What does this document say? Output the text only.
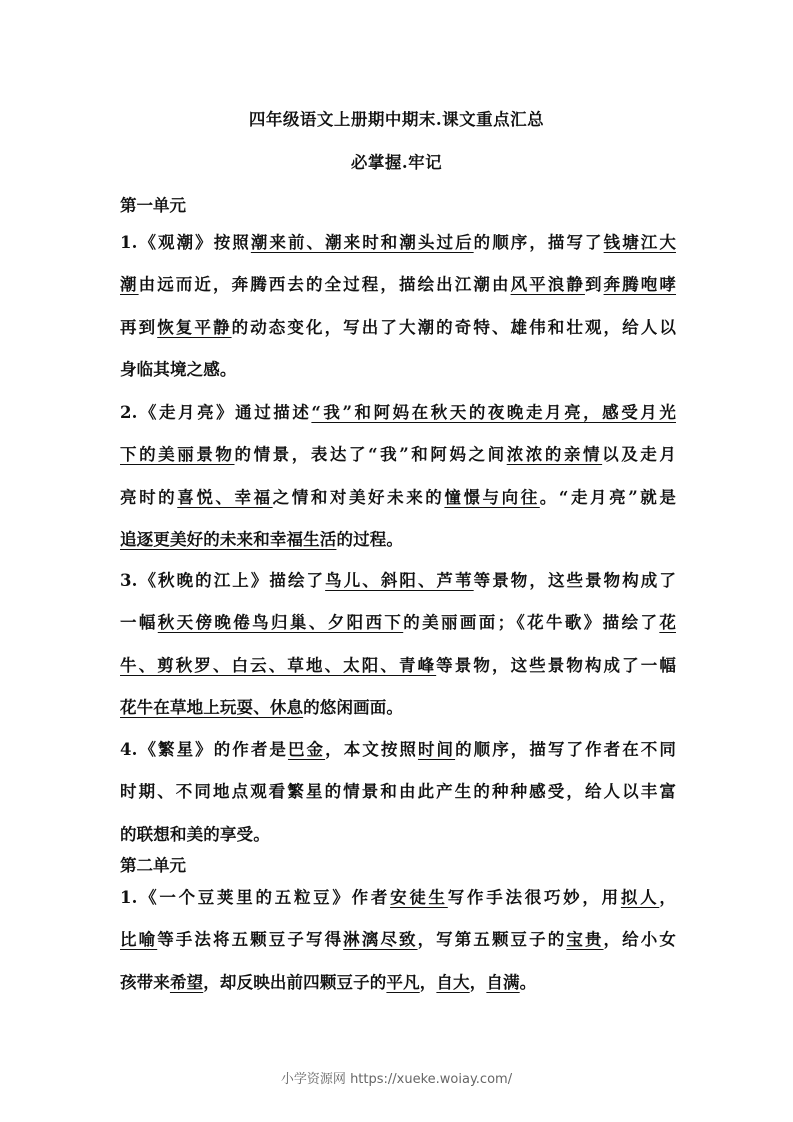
四年级语文上册期中期末.课文重点汇总
必掌握.牢记
第一单元
1.《观潮》按照潮来前、潮来时和潮头过后的顺序，描写了钱塘江大
潮由远而近，奔腾西去的全过程，描绘出江潮由风平浪静到奔腾咆哮
再到恢复平静的动态变化，写出了大潮的奇特、雄伟和壮观，给人以
身临其境之感。
2.《走月亮》通过描述“我”和阿妈在秋天的夜晚走月亮，感受月光
下的美丽景物的情景，表达了“我”和阿妈之间浓浓的亲情以及走月
亮时的喜悦、幸福之情和对美好未来的憧憬与向往。“走月亮”就是
追逐更美好的未来和幸福生活的过程。
3.《秋晚的江上》描绘了鸟儿、斜阳、芦苇等景物，这些景物构成了
一幅秋天傍晚倦鸟归巢、夕阳西下的美丽画面；《花牛歌》描绘了花
牛、剪秋罗、白云、草地、太阳、青峰等景物，这些景物构成了一幅
花牛在草地上玩耍、休息的悠闲画面。
4.《繁星》的作者是巴金，本文按照时间的顺序，描写了作者在不同
时期、不同地点观看繁星的情景和由此产生的种种感受，给人以丰富
的联想和美的享受。
第二单元
1.《一个豆荚里的五粒豆》作者安徒生写作手法很巧妙，用拟人，
比喻等手法将五颗豆子写得淋漓尽致，写第五颗豆子的宝贵，给小女
孩带来希望，却反映出前四颗豆子的平凡，自大，自满。
小学资源网 https://xueke.woiay.com/
